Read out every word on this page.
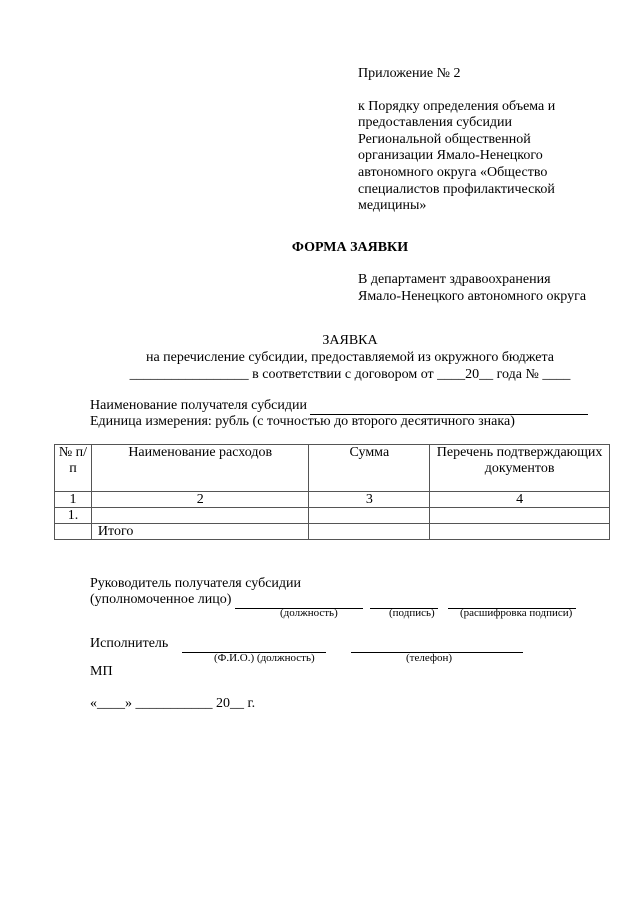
Приложение № 2
к Порядку определения объема и
предоставления субсидии
Региональной общественной
организации Ямало-Ненецкого
автономного округа «Общество
специалистов профилактической
медицины»
ФОРМА ЗАЯВКИ
В департамент здравоохранения
Ямало-Ненецкого автономного округа
ЗАЯВКА
на перечисление субсидии, предоставляемой из окружного бюджета
_________________ в соответствии с договором от ____20__ года № ____
Наименование получателя субсидии
Единица измерения: рубль (с точностью до второго десятичного знака)
№ п/п	Наименование расходов	Сумма	Перечень подтверждающих документов
1	2	3	4
1.			
	Итого		
Руководитель получателя субсидии
(уполномоченное лицо)
(должность)	(подпись) (расшифровка подписи)
Исполнитель
(Ф.И.О.) (должность)	(телефон)
МП
«____» ___________ 20__ г.
